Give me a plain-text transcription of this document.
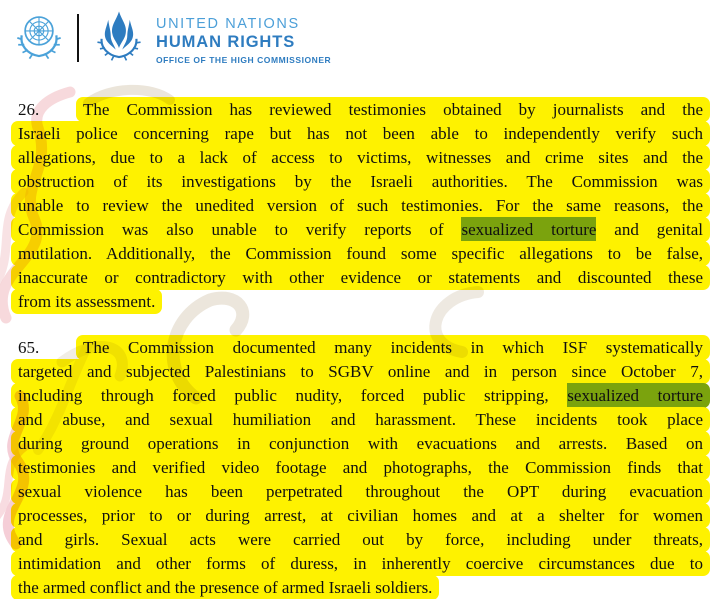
UNITED NATIONS
HUMAN RIGHTS
OFFICE OF THE HIGH COMMISSIONER
26.	The Commission has reviewed testimonies obtained by journalists and the
Israeli police concerning rape but has not been able to independently verify such
allegations, due to a lack of access to victims, witnesses and crime sites and the
obstruction of its investigations by the Israeli authorities. The Commission was
unable to review the unedited version of such testimonies. For the same reasons, the
Commission was also unable to verify reports of sexualized torture and genital
mutilation. Additionally, the Commission found some specific allegations to be false,
inaccurate or contradictory with other evidence or statements and discounted these
from its assessment.
65.	The Commission documented many incidents in which ISF systematically
targeted and subjected Palestinians to SGBV online and in person since October 7,
including through forced public nudity, forced public stripping, sexualized torture
and abuse, and sexual humiliation and harassment. These incidents took place
during ground operations in conjunction with evacuations and arrests. Based on
testimonies and verified video footage and photographs, the Commission finds that
sexual violence has been perpetrated throughout the OPT during evacuation
processes, prior to or during arrest, at civilian homes and at a shelter for women
and girls. Sexual acts were carried out by force, including under threats,
intimidation and other forms of duress, in inherently coercive circumstances due to
the armed conflict and the presence of armed Israeli soldiers.
